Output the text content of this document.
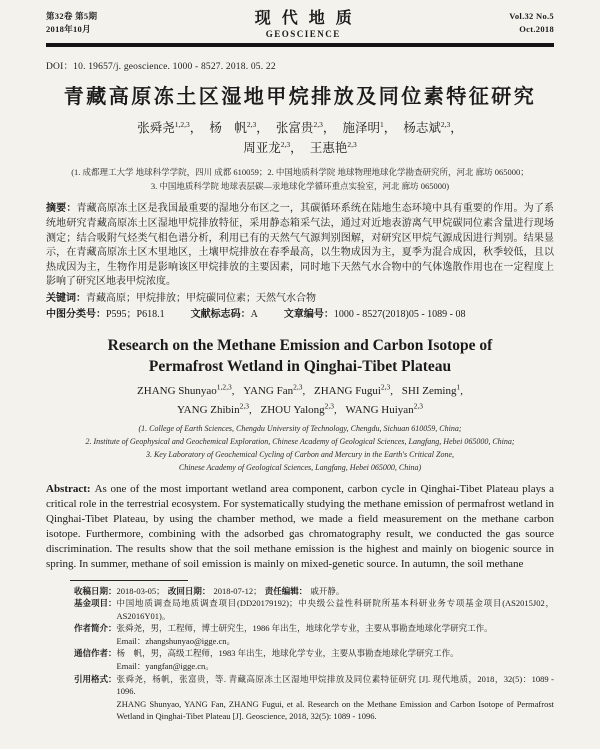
第32卷 第5期
2018年10月
现代地质
GEOSCIENCE
Vol.32 No.5
Oct.2018
DOI：10. 19657/j. geoscience. 1000 - 8527. 2018. 05. 22
青藏高原冻土区湿地甲烷排放及同位素特征研究
张舜尧$^{1,2,3}$， 杨　帆$^{2,3}$， 张富贵$^{2,3}$， 施泽明$^1$， 杨志斌$^{2,3}$，
周亚龙$^{2,3}$， 王惠艳$^{2,3}$
(1. 成都理工大学 地球科学学院，四川 成都 610059；2. 中国地质科学院 地球物理地球化学勘查研究所，河北 廊坊 065000；
3. 中国地质科学院 地球表层碳—汞地球化学循环重点实验室，河北 廊坊 065000)

摘要：青藏高原冻土区是我国最重要的湿地分布区之一，其碳循环系统在陆地生态环境中具有重要的作用。为了系统地研究青藏高原冻土区湿地甲烷排放特征，采用静态箱采气法，通过对近地表游离气甲烷碳同位素含量进行现场测定；结合吸附气烃类气相色谱分析，利用已有的天然气气源判别图解，对研究区甲烷气源成因进行判别。结果显示，在青藏高原冻土区木里地区，土壤甲烷排放在春季最高，以生物成因为主，夏季为混合成因，秋季较低，且以热成因为主，生物作用是影响该区甲烷排放的主要因素，同时地下天然气水合物中的气体逸散作用也在一定程度上影响了研究区地表甲烷浓度。

关键词：青藏高原；甲烷排放；甲烷碳同位素；天然气水合物

中图分类号：P595；P618.1	文献标志码：A	文章编号：1000 - 8527(2018)05 - 1089 - 08
Research on the Methane Emission and Carbon Isotope of
Permafrost Wetland in Qinghai-Tibet Plateau
ZHANG Shunyao$^{1,2,3}$, YANG Fan$^{2,3}$, ZHANG Fugui$^{2,3}$, SHI Zeming$^1$,
YANG Zhibin$^{2,3}$, ZHOU Yalong$^{2,3}$, WANG Huiyan$^{2,3}$
(1. College of Earth Sciences, Chengdu University of Technology, Chengdu, Sichuan 610059, China;
2. Institute of Geophysical and Geochemical Exploration, Chinese Academy of Geological Sciences, Langfang, Hebei 065000, China;
3. Key Laboratory of Geochemical Cycling of Carbon and Mercury in the Earth's Critical Zone,
Chinese Academy of Geological Sciences, Langfang, Hebei 065000, China)

Abstract: As one of the most important wetland area component, carbon cycle in Qinghai-Tibet Plateau plays a critical role in the terrestrial ecosystem. For systematically studying the methane emission of permafrost wetland in Qinghai-Tibet Plateau, by using the chamber method, we made a field measurement on the methane carbon isotope. Furthermore, combining with the adsorbed gas chromatography result, we conducted the gas source discrimination. The results show that the soil methane emission is the highest and mainly on biogenic source in spring. In summer, methane of soil emission is mainly on mixed-genetic source. In autumn, the soil methane

收稿日期： 2018-03-05； 改回日期： 2018-07-12； 责任编辑： 戚开静。
基金项目： 中国地质调查局地质调查项目(DD20179192)；中央级公益性科研院所基本科研业务专项基金项目(AS2015J02，AS2016Y01)。
作者简介： 张舜尧，男，工程师，博士研究生，1986 年出生，地球化学专业，主要从事勘查地球化学研究工作。
Email：zhangshunyao@igge.cn。
通信作者： 杨　帆，男，高级工程师，1983 年出生，地球化学专业，主要从事勘查地球化学研究工作。
Email：yangfan@igge.cn。
引用格式： 张舜尧，杨帆，张富贵，等. 青藏高原冻土区湿地甲烷排放及同位素特征研究 [J]. 现代地质，2018，32(5)：1089 - 1096.
ZHANG Shunyao, YANG Fan, ZHANG Fugui, et al. Research on the Methane Emission and Carbon Isotope of Permafrost Wetland in Qinghai-Tibet Plateau [J]. Geoscience, 2018, 32(5): 1089 - 1096.
